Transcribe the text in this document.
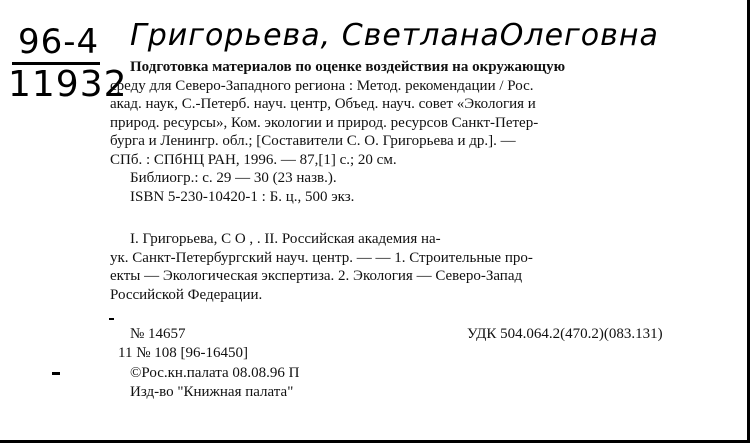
96-4
11932
Григорьева, СветланаОлеговна
Подготовка материалов по оценке воздействия на окружающую
среду для Северо-Западного региона : Метод. рекомендации / Рос.
акад. наук, С.-Петерб. науч. центр, Объед. науч. совет «Экология и
природ. ресурсы», Ком. экологии и природ. ресурсов Санкт-Петер-
бурга и Ленингр. обл.; [Составители С. О. Григорьева и др.]. —
СПб. : СПбНЦ РАН, 1996. — 87,[1] с.; 20 см.
Библиогр.: с. 29 — 30 (23 назв.).
ISBN 5-230-10420-1 : Б. ц., 500 экз.
I. Григорьева, С О , . II. Российская академия на-
ук. Санкт-Петербургский науч. центр. — — 1. Строительные про-
екты — Экологическая экспертиза. 2. Экология — Северо-Запад
Российской Федерации.
№ 14657	УДК 504.064.2(470.2)(083.131)
11 № 108 [96-16450]
©Рос.кн.палата 08.08.96 П
Изд-во "Книжная палата"
